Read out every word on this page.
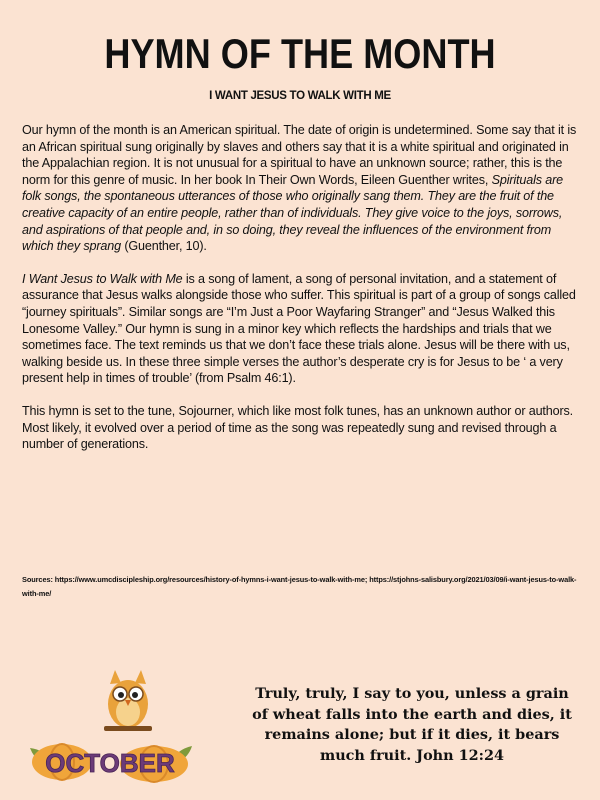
HYMN OF THE MONTH
I WANT JESUS TO WALK WITH ME

Our hymn of the month is an American spiritual. The date of origin is undetermined. Some say that it is an African spiritual sung originally by slaves and others say that it is a white spiritual and originated in the Appalachian region. It is not unusual for a spiritual to have an unknown source; rather, this is the norm for this genre of music. In her book In Their Own Words, Eileen Guenther writes, Spirituals are folk songs, the spontaneous utterances of those who originally sang them. They are the fruit of the creative capacity of an entire people, rather than of individuals. They give voice to the joys, sorrows, and aspirations of that people and, in so doing, they reveal the influences of the environment from which they sprang (Guenther, 10).

I Want Jesus to Walk with Me is a song of lament, a song of personal invitation, and a statement of assurance that Jesus walks alongside those who suffer. This spiritual is part of a group of songs called “journey spirituals”. Similar songs are “I’m Just a Poor Wayfaring Stranger” and “Jesus Walked this Lonesome Valley.” Our hymn is sung in a minor key which reflects the hardships and trials that we sometimes face. The text reminds us that we don’t face these trials alone. Jesus will be there with us, walking beside us. In these three simple verses the author’s desperate cry is for Jesus to be ‘ a very present help in times of trouble’ (from Psalm 46:1).

This hymn is set to the tune, Sojourner, which like most folk tunes, has an unknown author or authors. Most likely, it evolved over a period of time as the song was repeatedly sung and revised through a number of generations.

Sources: https://www.umcdiscipleship.org/resources/history-of-hymns-i-want-jesus-to-walk-with-me; https://stjohns-salisbury.org/2021/03/09/i-want-jesus-to-walk-with-me/
OCTOBER
Truly, truly, I say to you, unless a grain of wheat falls into the earth and dies, it remains alone; but if it dies, it bears much fruit. John 12:24
